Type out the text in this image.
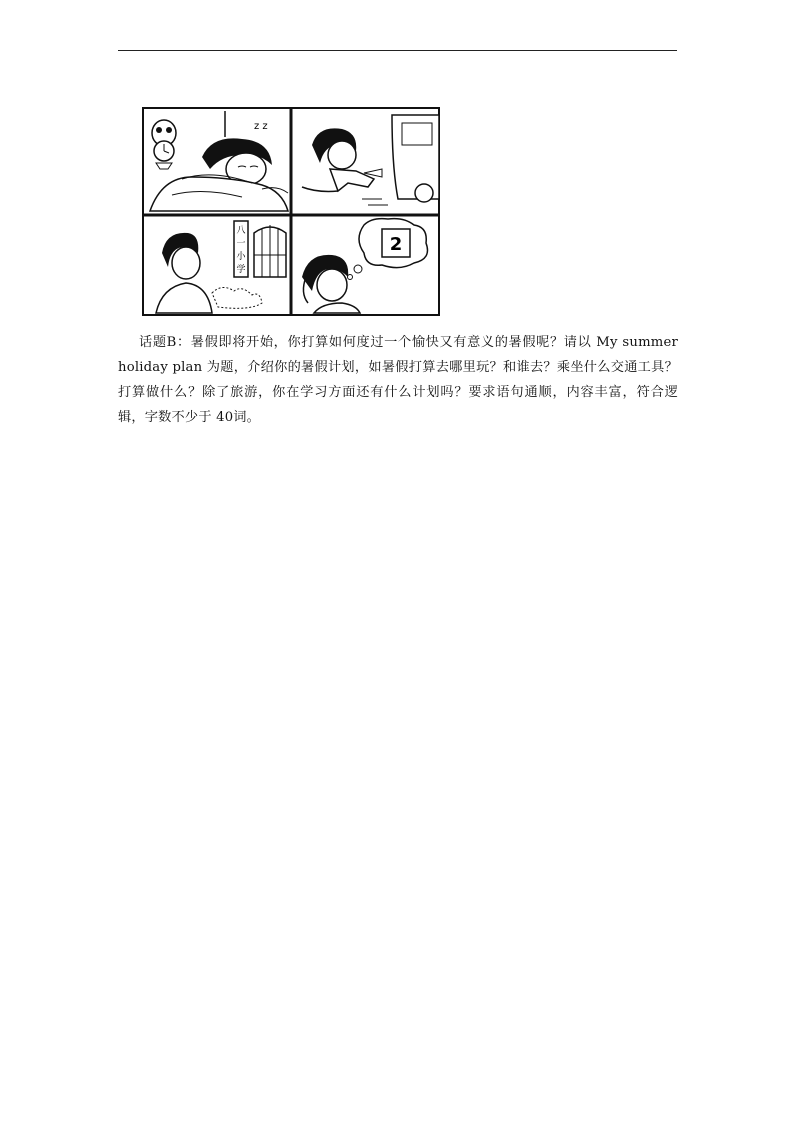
z z
八
一
小
学
2

话题B：暑假即将开始，你打算如何度过一个愉快又有意义的暑假呢？请以 My summer holiday plan 为题，介绍你的暑假计划，如暑假打算去哪里玩？和谁去？乘坐什么交通工具？打算做什么？除了旅游，你在学习方面还有什么计划吗？要求语句通顺，内容丰富，符合逻辑，字数不少于 40词。
